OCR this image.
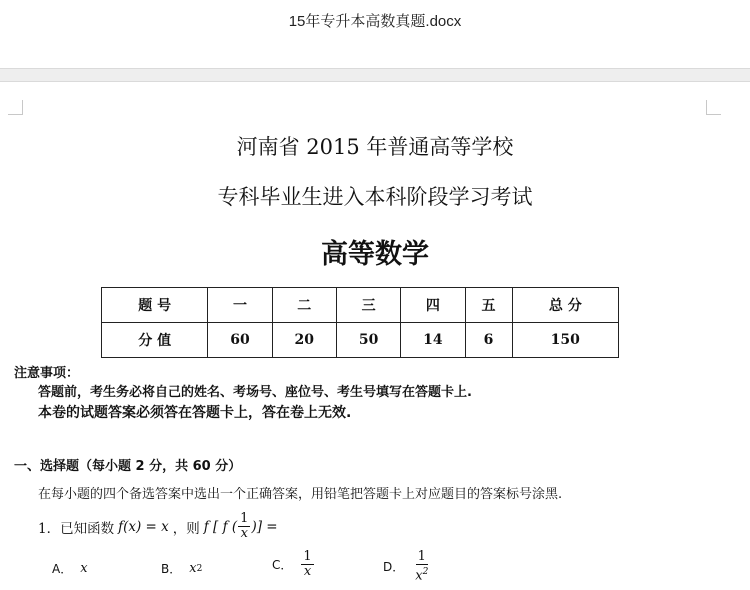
15年专升本高数真题.docx
河南省 2015 年普通高等学校
专科毕业生进入本科阶段学习考试
高等数学
题 号	一	二	三	四	五	总 分
分 值	60	20	50	14	6	150
注意事项：
答题前，考生务必将自己的姓名、考场号、座位号、考生号填写在答题卡上.
本卷的试题答案必须答在答题卡上，答在卷上无效.
一、选择题（每小题 2 分，共 60 分）
在每小题的四个备选答案中选出一个正确答案，用铅笔把答题卡上对应题目的答案标号涂黑.
1．已知函数 f(x) = x ，则 f [ f ( $\frac{1}{x}$ )] =
A． x	B． x 2	C． $\frac{1}{x}$	D． $\frac{1}{x^2}$
